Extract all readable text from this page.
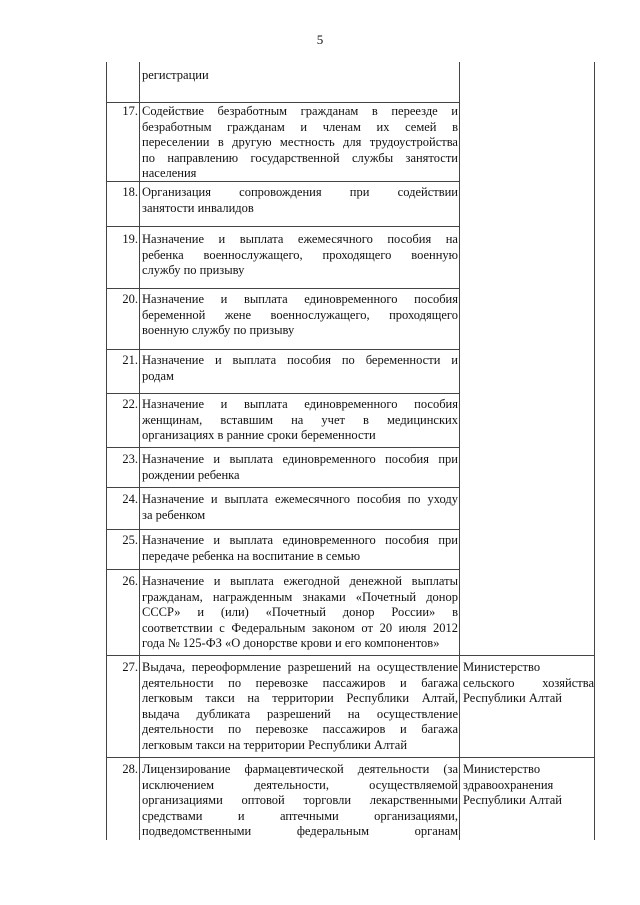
5
регистрации
17. Содействие безработным гражданам в переезде и
безработным гражданам и членам их семей в
переселении в другую местность для трудоустройства
по направлению государственной службы занятости
населения
18. Организация сопровождения при содействии
занятости инвалидов
19. Назначение и выплата ежемесячного пособия на
ребенка военнослужащего, проходящего военную
службу по призыву
20. Назначение и выплата единовременного пособия
беременной жене военнослужащего, проходящего
военную службу по призыву
21. Назначение и выплата пособия по беременности и
родам
22. Назначение и выплата единовременного пособия
женщинам, вставшим на учет в медицинских
организациях в ранние сроки беременности
23. Назначение и выплата единовременного пособия при
рождении ребенка
24. Назначение и выплата ежемесячного пособия по уходу
за ребенком
25. Назначение и выплата единовременного пособия при
передаче ребенка на воспитание в семью
26. Назначение и выплата ежегодной денежной выплаты
гражданам, награжденным знаками «Почетный донор
СССР» и (или) «Почетный донор России» в
соответствии с Федеральным законом от 20 июля 2012
года № 125-ФЗ «О донорстве крови и его компонентов»
27. Выдача, переоформление разрешений на осуществление
деятельности по перевозке пассажиров и багажа
легковым такси на территории Республики Алтай,
выдача дубликата разрешений на осуществление
деятельности по перевозке пассажиров и багажа
легковым такси на территории Республики Алтай
Министерство
сельского хозяйства
Республики Алтай
28. Лицензирование фармацевтической деятельности (за
исключением деятельности, осуществляемой
организациями оптовой торговли лекарственными
средствами и аптечными организациями,
подведомственными федеральным органам
Министерство
здравоохранения
Республики Алтай
